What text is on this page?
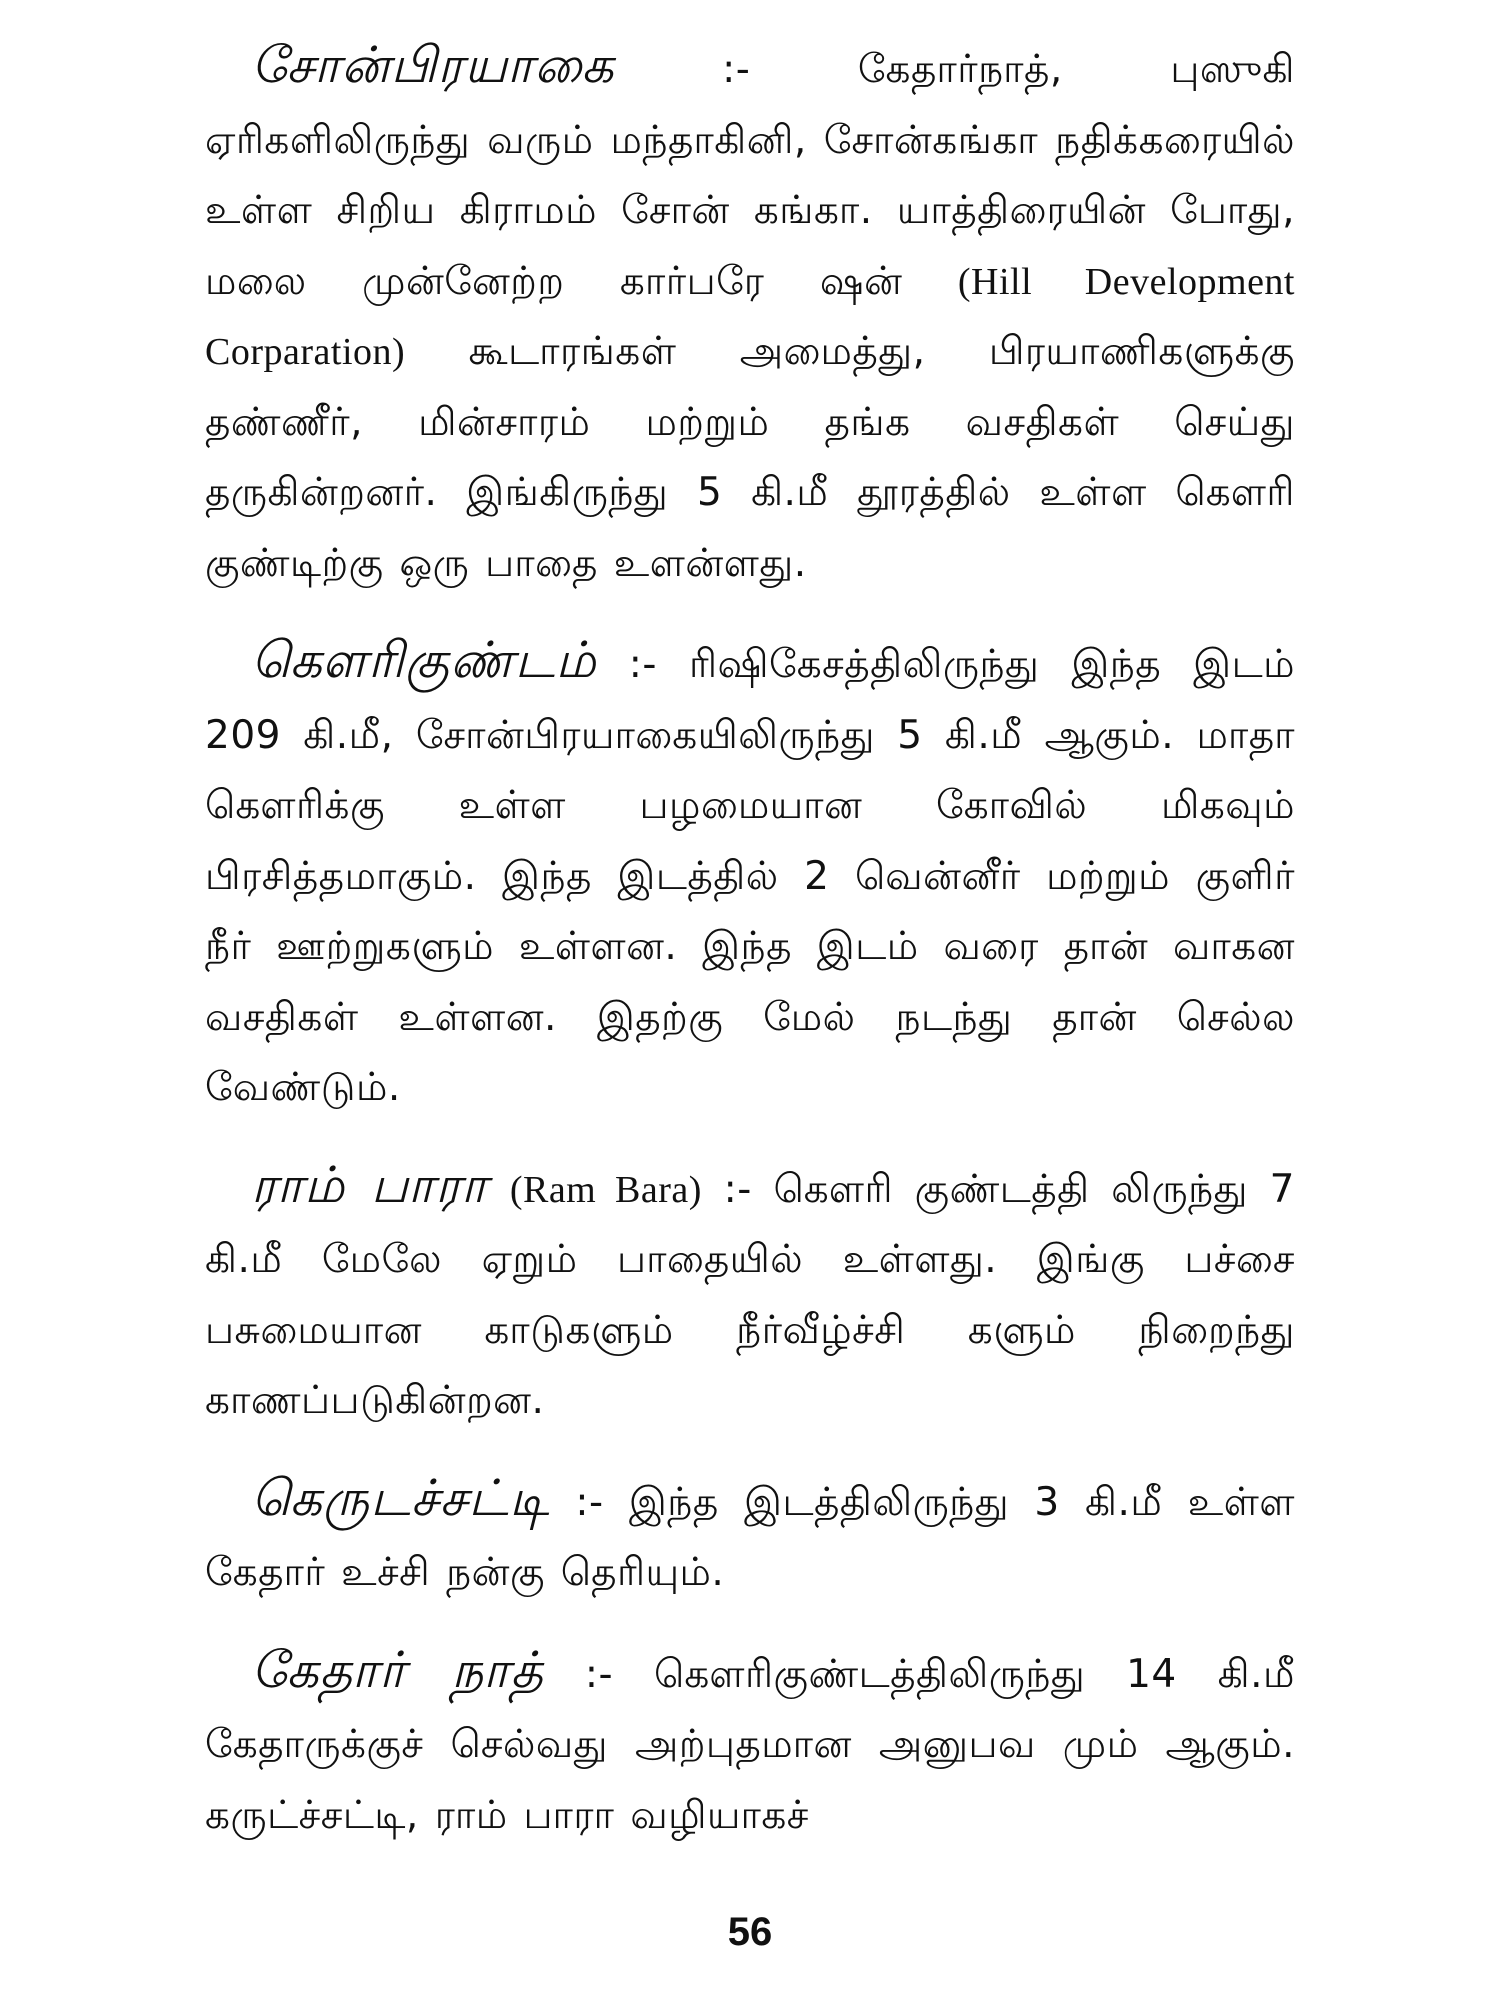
சோன்பிரயாகை	:-	கேதார்நாத், புஸுகி ஏரிகளிலிருந்து வரும் மந்தாகினி, சோன்கங்கா நதிக்கரையில் உள்ள சிறிய கிராமம் சோன் கங்கா. யாத்திரையின் போது, மலை முன்னேற்ற கார்பரே ஷன் (Hill Development Corparation) கூடாரங்கள் அமைத்து, பிரயாணிகளுக்கு தண்ணீர், மின்சாரம் மற்றும் தங்க வசதிகள் செய்து தருகின்றனர். இங்கிருந்து 5 கி.மீ தூரத்தில் உள்ள கௌரி குண்டிற்கு ஒரு பாதை உளன்ளது.

கௌரிகுண்டம் :- ரிஷிகேசத்திலிருந்து இந்த இடம் 209 கி.மீ, சோன்பிரயாகையிலிருந்து 5 கி.மீ ஆகும். மாதா கௌரிக்கு உள்ள பழமையான கோவில் மிகவும் பிரசித்தமாகும். இந்த இடத்தில் 2 வென்னீர் மற்றும் குளிர் நீர் ஊற்றுகளும் உள்ளன. இந்த இடம் வரை தான் வாகன வசதிகள் உள்ளன. இதற்கு மேல் நடந்து தான் செல்ல வேண்டும்.

ராம் பாரா (Ram Bara) :- கௌரி குண்டத்தி லிருந்து 7 கி.மீ மேலே ஏறும் பாதையில் உள்ளது. இங்கு பச்சை பசுமையான காடுகளும் நீர்வீழ்ச்சி களும் நிறைந்து காணப்படுகின்றன.

கெருடச்சட்டி :- இந்த இடத்திலிருந்து 3 கி.மீ உள்ள கேதார் உச்சி நன்கு தெரியும்.

கேதார் நாத் :- கௌரிகுண்டத்திலிருந்து 14 கி.மீ கேதாருக்குச் செல்வது அற்புதமான அனுபவ மும் ஆகும். கருட்ச்சட்டி, ராம் பாரா வழியாகச்

56
